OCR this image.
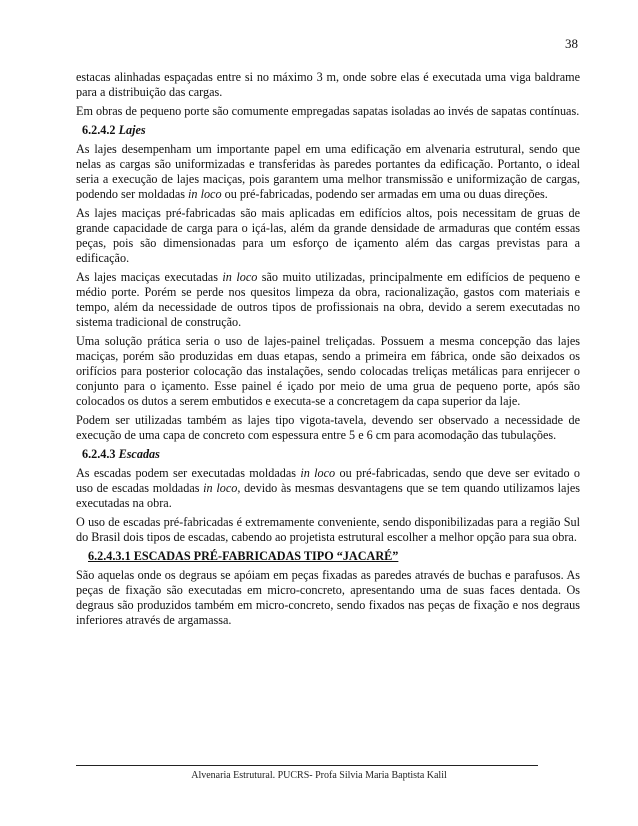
38

estacas alinhadas espaçadas entre si no máximo 3 m, onde sobre elas é executada uma viga baldrame para a distribuição das cargas.

Em obras de pequeno porte são comumente empregadas sapatas isoladas ao invés de sapatas contínuas.

6.2.4.2 Lajes

As lajes desempenham um importante papel em uma edificação em alvenaria estrutural, sendo que nelas as cargas são uniformizadas e transferidas às paredes portantes da edificação. Portanto, o ideal seria a execução de lajes maciças, pois garantem uma melhor transmissão e uniformização de cargas, podendo ser moldadas in loco ou pré-fabricadas, podendo ser armadas em uma ou duas direções.

As lajes maciças pré-fabricadas são mais aplicadas em edifícios altos, pois necessitam de gruas de grande capacidade de carga para o içá-las, além da grande densidade de armaduras que contém essas peças, pois são dimensionadas para um esforço de içamento além das cargas previstas para a edificação.

As lajes maciças executadas in loco são muito utilizadas, principalmente em edifícios de pequeno e médio porte. Porém se perde nos quesitos limpeza da obra, racionalização, gastos com materiais e tempo, além da necessidade de outros tipos de profissionais na obra, devido a serem executadas no sistema tradicional de construção.

Uma solução prática seria o uso de lajes-painel treliçadas. Possuem a mesma concepção das lajes maciças, porém são produzidas em duas etapas, sendo a primeira em fábrica, onde são deixados os orifícios para posterior colocação das instalações, sendo colocadas treliças metálicas para enrijecer o conjunto para o içamento. Esse painel é içado por meio de uma grua de pequeno porte, após são colocados os dutos a serem embutidos e executa-se a concretagem da capa superior da laje.

Podem ser utilizadas também as lajes tipo vigota-tavela, devendo ser observado a necessidade de execução de uma capa de concreto com espessura entre 5 e 6 cm para acomodação das tubulações.

6.2.4.3 Escadas

As escadas podem ser executadas moldadas in loco ou pré-fabricadas, sendo que deve ser evitado o uso de escadas moldadas in loco, devido às mesmas desvantagens que se tem quando utilizamos lajes executadas na obra.

O uso de escadas pré-fabricadas é extremamente conveniente, sendo disponibilizadas para a região Sul do Brasil dois tipos de escadas, cabendo ao projetista estrutural escolher a melhor opção para sua obra.

6.2.4.3.1 ESCADAS PRÉ-FABRICADAS TIPO “JACARÉ”

São aquelas onde os degraus se apóiam em peças fixadas as paredes através de buchas e parafusos. As peças de fixação são executadas em micro-concreto, apresentando uma de suas faces dentada. Os degraus são produzidos também em micro-concreto, sendo fixados nas peças de fixação e nos degraus inferiores através de argamassa.

Alvenaria Estrutural. PUCRS- Profa Silvia Maria Baptista Kalil
